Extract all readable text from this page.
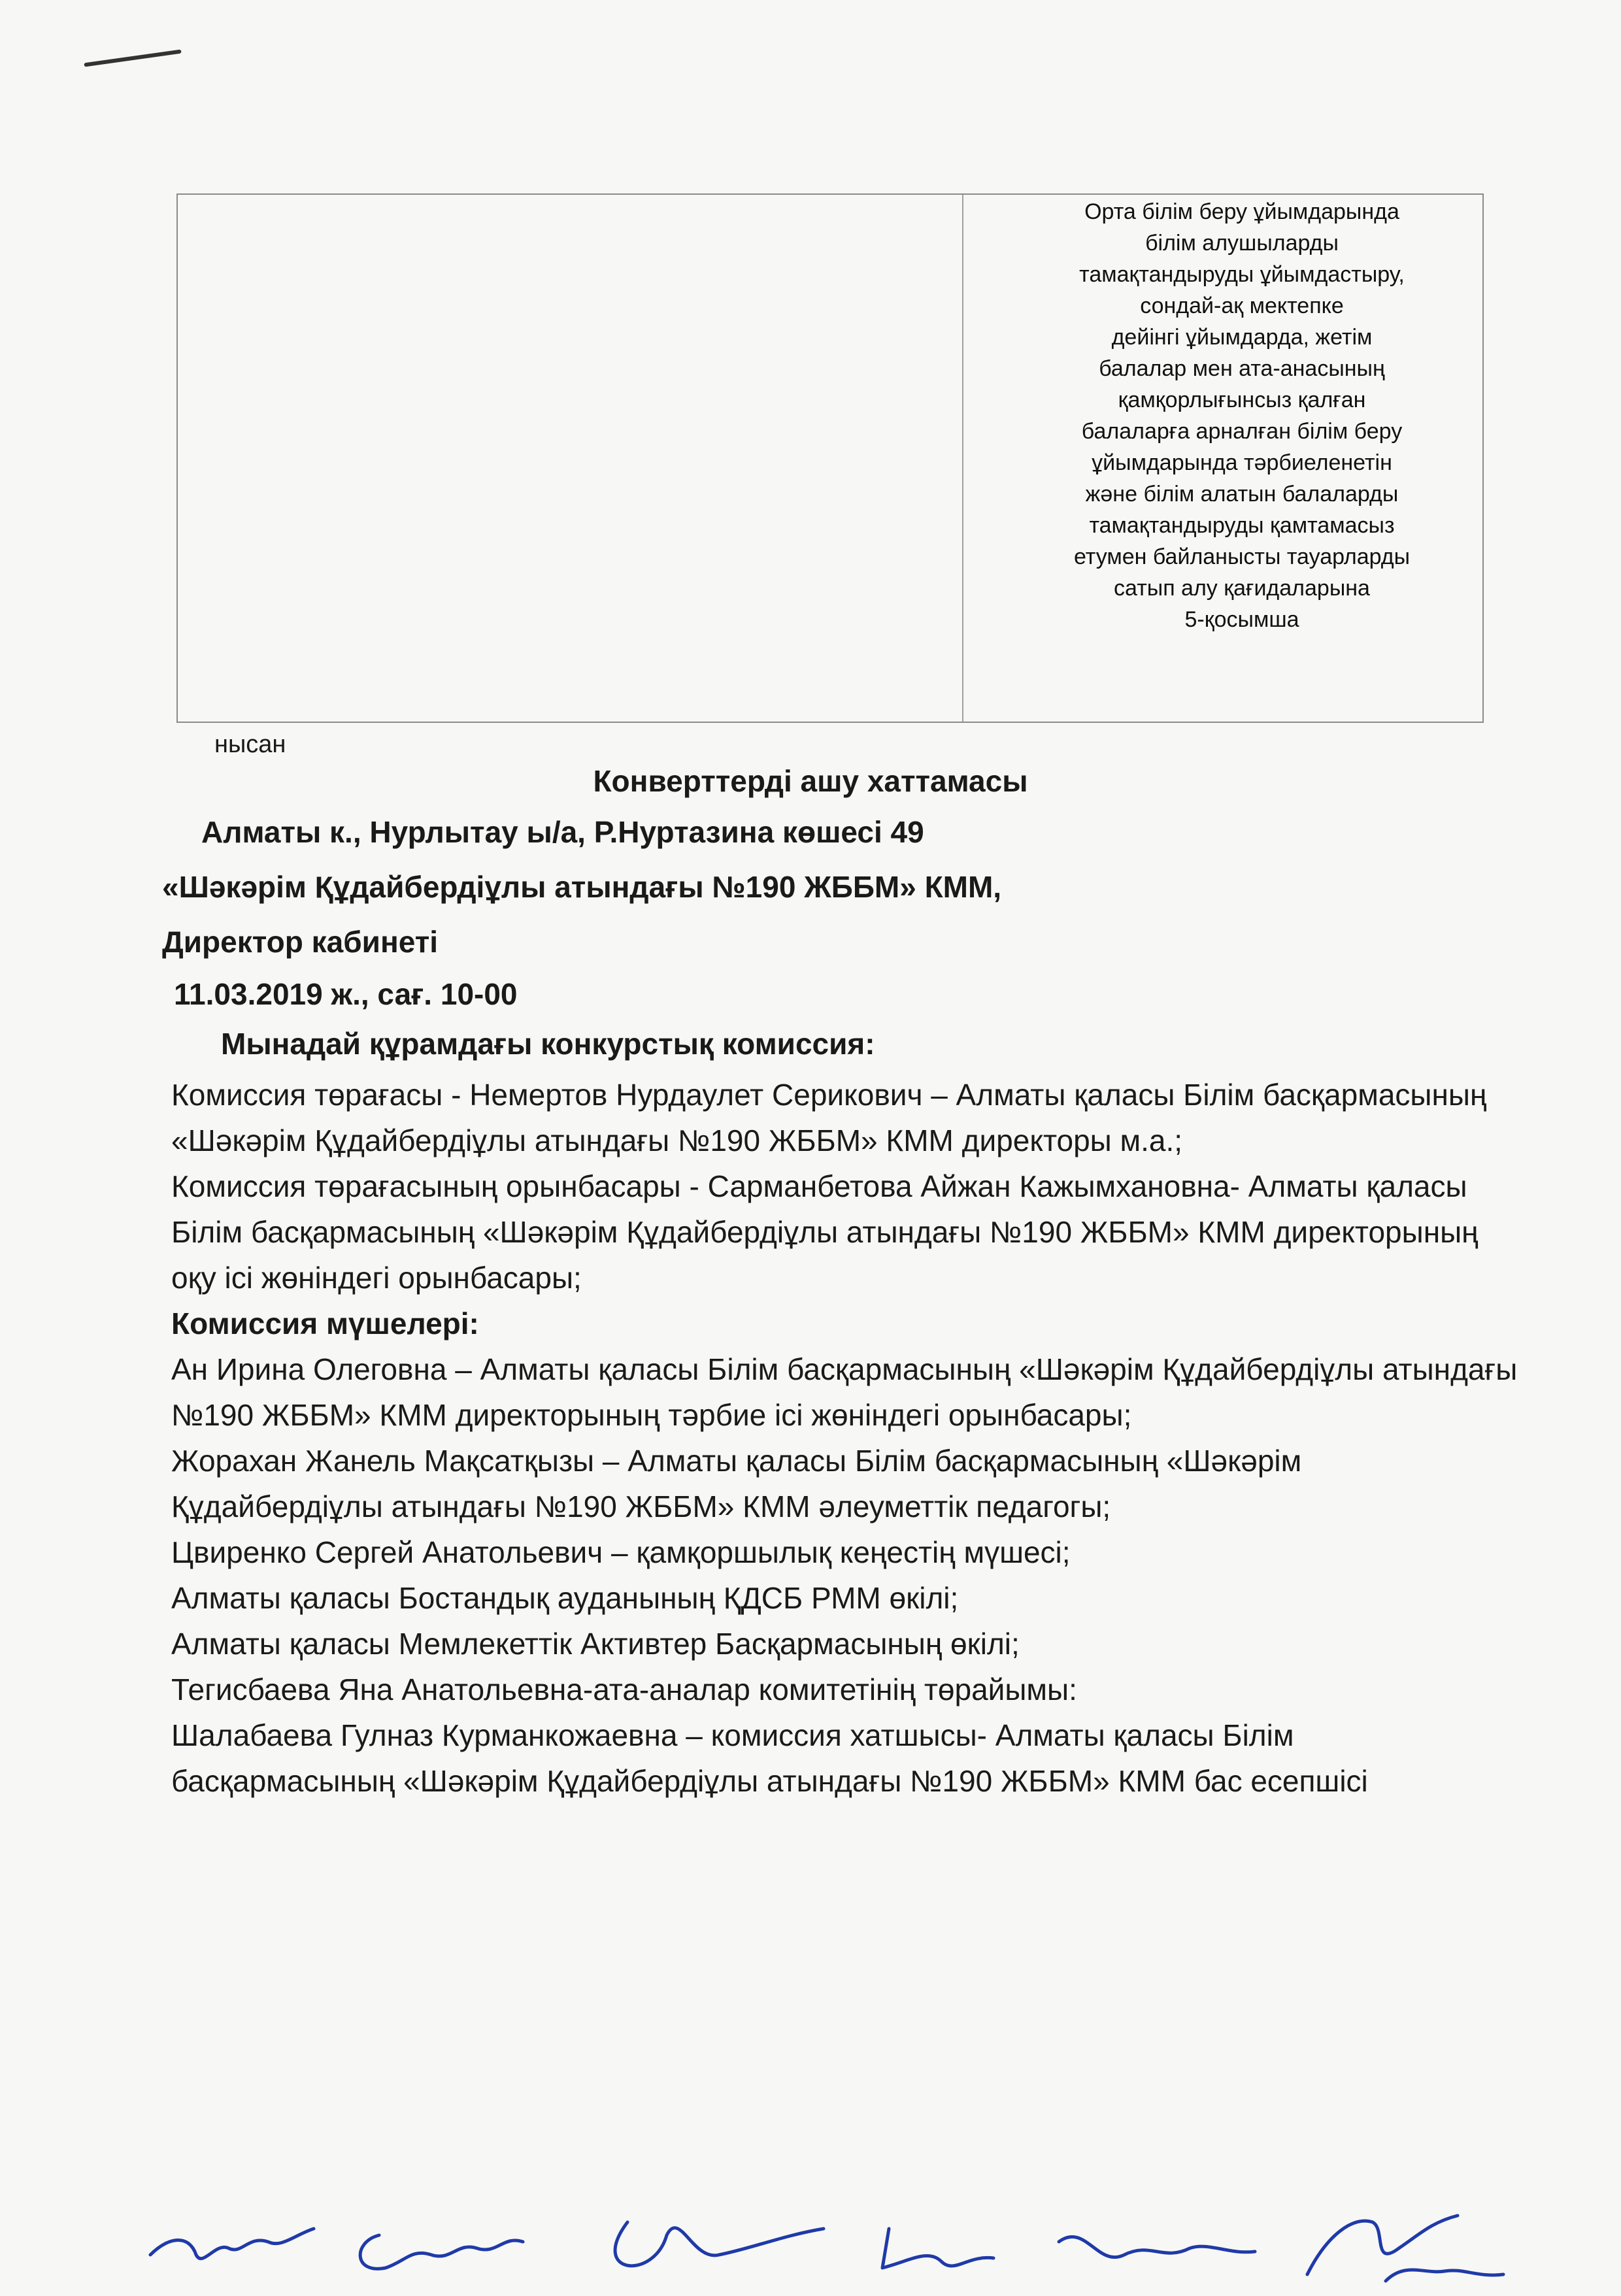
Орта білім беру ұйымдарында
білім алушыларды
тамақтандыруды ұйымдастыру,
сондай-ақ мектепке
дейінгі ұйымдарда, жетім
балалар мен ата-анасының
қамқорлығынсыз қалған
балаларға арналған білім беру
ұйымдарында тәрбиеленетін
және білім алатын балаларды
тамақтандыруды қамтамасыз
етумен байланысты тауарларды
сатып алу қағидаларына
5-қосымша
нысан
Конверттерді ашу хаттамасы
Алматы к., Нурлытау ы/а, Р.Нуртазина көшесі 49
«Шәкәрім Құдайбердіұлы атындағы №190 ЖББМ» КММ,
Директор кабинеті
11.03.2019 ж., сағ. 10-00
Мынадай құрамдағы конкурстық комиссия:

Комиссия төрағасы - Немертов Нурдаулет Серикович – Алматы қаласы Білім басқармасының «Шәкәрім Құдайбердіұлы атындағы №190 ЖББМ» КММ директоры м.а.;

Комиссия төрағасының орынбасары - Сарманбетова Айжан Кажымхановна- Алматы қаласы Білім басқармасының «Шәкәрім Құдайбердіұлы атындағы №190 ЖББМ» КММ директорының оқу ісі жөніндегі орынбасары;

Комиссия мүшелері:

Ан Ирина Олеговна – Алматы қаласы Білім басқармасының «Шәкәрім Құдайбердіұлы атындағы №190 ЖББМ» КММ директорының тәрбие ісі жөніндегі орынбасары;

Жорахан Жанель Мақсатқызы – Алматы қаласы Білім басқармасының «Шәкәрім Құдайбердіұлы атындағы №190 ЖББМ» КММ әлеуметтік педагогы;

Цвиренко Сергей Анатольевич – қамқоршылық кеңестің мүшесі;

Алматы қаласы Бостандық ауданының ҚДСБ РММ өкілі;

Алматы қаласы Мемлекеттік Активтер Басқармасының өкілі;

Тегисбаева Яна Анатольевна-ата-аналар комитетінің төрайымы:

Шалабаева Гулназ Курманкожаевна – комиссия хатшысы- Алматы қаласы Білім басқармасының «Шәкәрім Құдайбердіұлы атындағы №190 ЖББМ» КММ бас есепшісі
